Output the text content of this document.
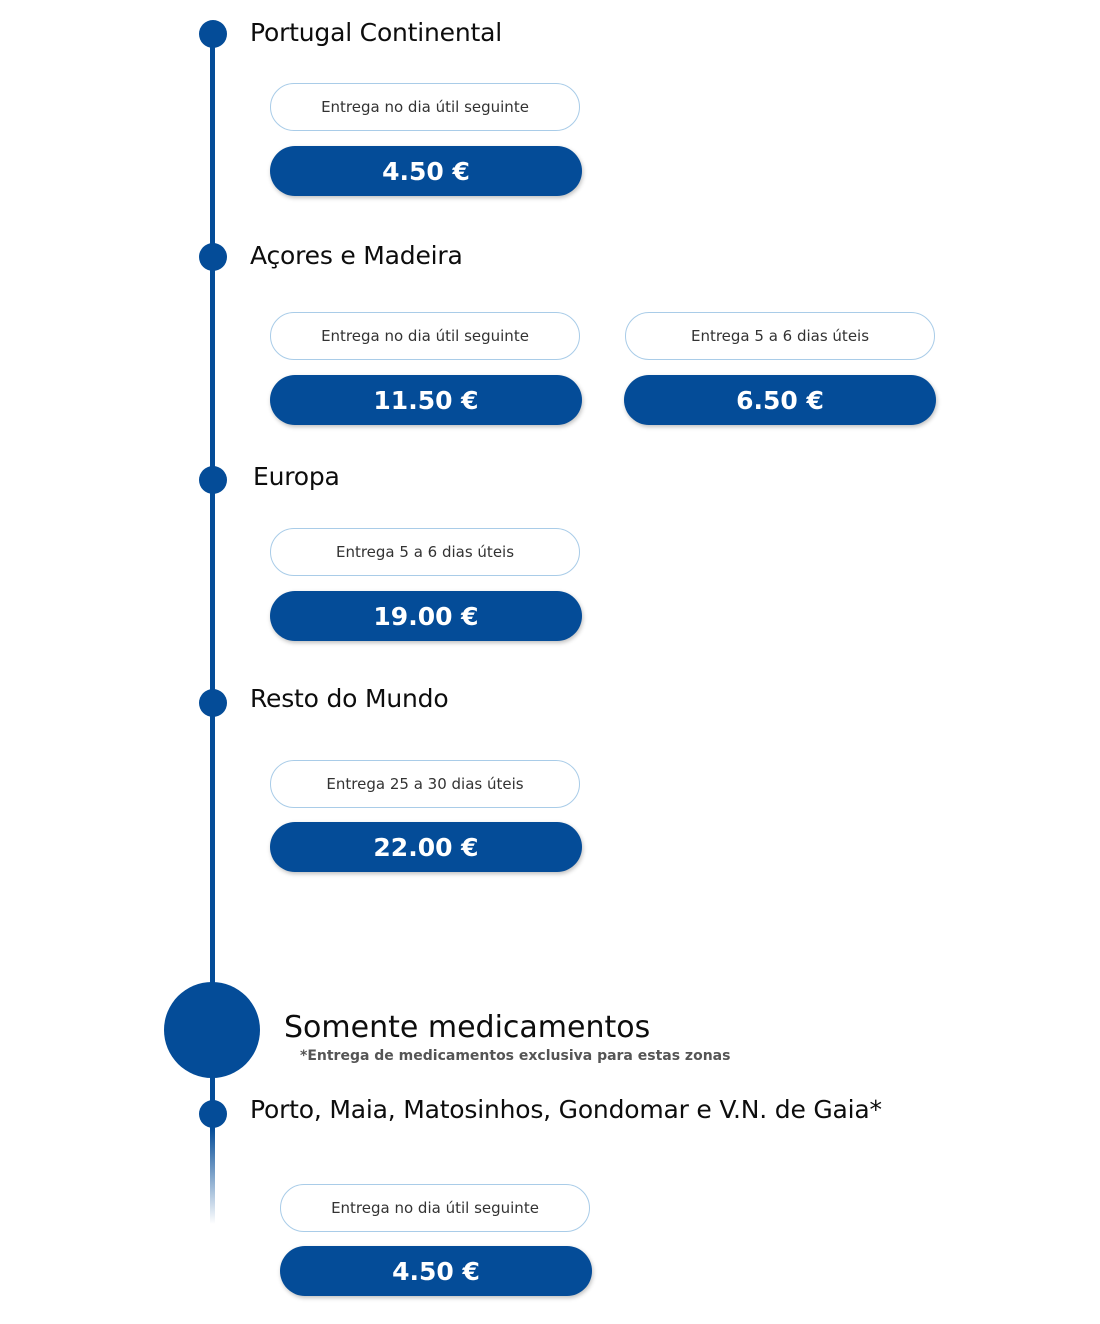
Portugal Continental
Entrega no dia útil seguinte
4.50 €
Açores e Madeira
Entrega no dia útil seguinte
11.50 €
Entrega 5 a 6 dias úteis
6.50 €
Europa
Entrega 5 a 6 dias úteis
19.00 €
Resto do Mundo
Entrega 25 a 30 dias úteis
22.00 €
Somente medicamentos
*Entrega de medicamentos exclusiva para estas zonas
Porto, Maia, Matosinhos, Gondomar e V.N. de Gaia*
Entrega no dia útil seguinte
4.50 €
